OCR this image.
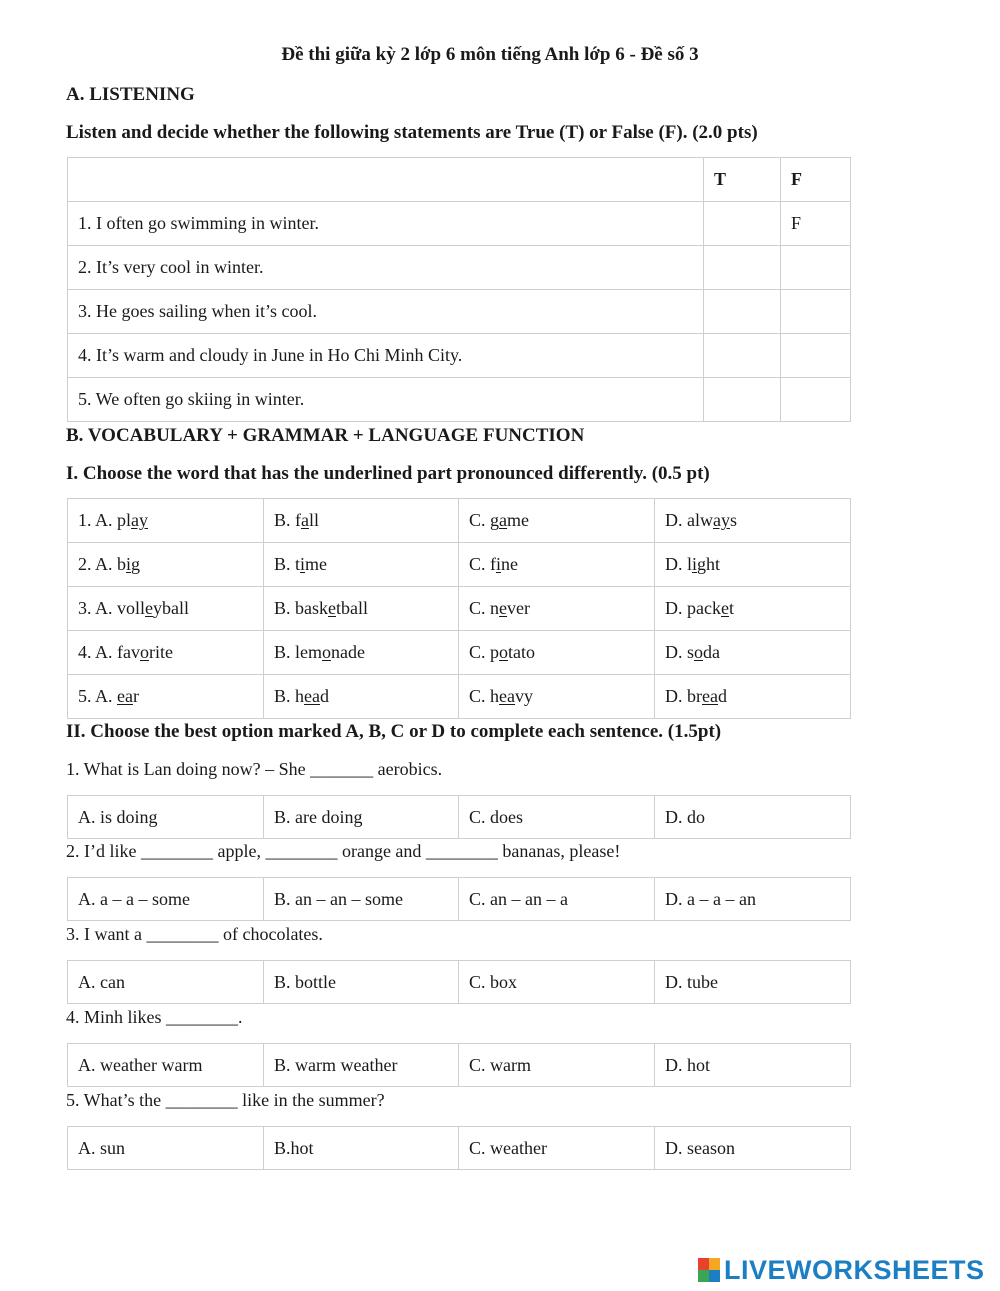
Đề thi giữa kỳ 2 lớp 6 môn tiếng Anh lớp 6 - Đề số 3
A. LISTENING
Listen and decide whether the following statements are True (T) or False (F). (2.0 pts)
	T	F
1. I often go swimming in winter.		F
2. It’s very cool in winter.		
3. He goes sailing when it’s cool.		
4. It’s warm and cloudy in June in Ho Chi Minh City.		
5. We often go skiing in winter.		
B. VOCABULARY + GRAMMAR + LANGUAGE FUNCTION
I. Choose the word that has the underlined part pronounced differently. (0.5 pt)
1. A. play	B. fall	C. game	D. always
2. A. big	B. time	C. fine	D. light
3. A. volleyball	B. basketball	C. never	D. packet
4. A. favorite	B. lemonade	C. potato	D. soda
5. A. ear	B. head	C. heavy	D. bread
II. Choose the best option marked A, B, C or D to complete each sentence. (1.5pt)
1. What is Lan doing now? – She _______ aerobics.
A. is doing	B. are doing	C. does	D. do
2. I’d like ________ apple, ________ orange and ________ bananas, please!
A. a – a – some	B. an – an – some	C. an – an – a	D. a – a – an
3. I want a ________ of chocolates.
A. can	B. bottle	C. box	D. tube
4. Minh likes ________.
A. weather warm	B. warm weather	C. warm	D. hot
5. What’s the ________ like in the summer?
A. sun	B.hot	C. weather	D. season
LIVEWORKSHEETS
